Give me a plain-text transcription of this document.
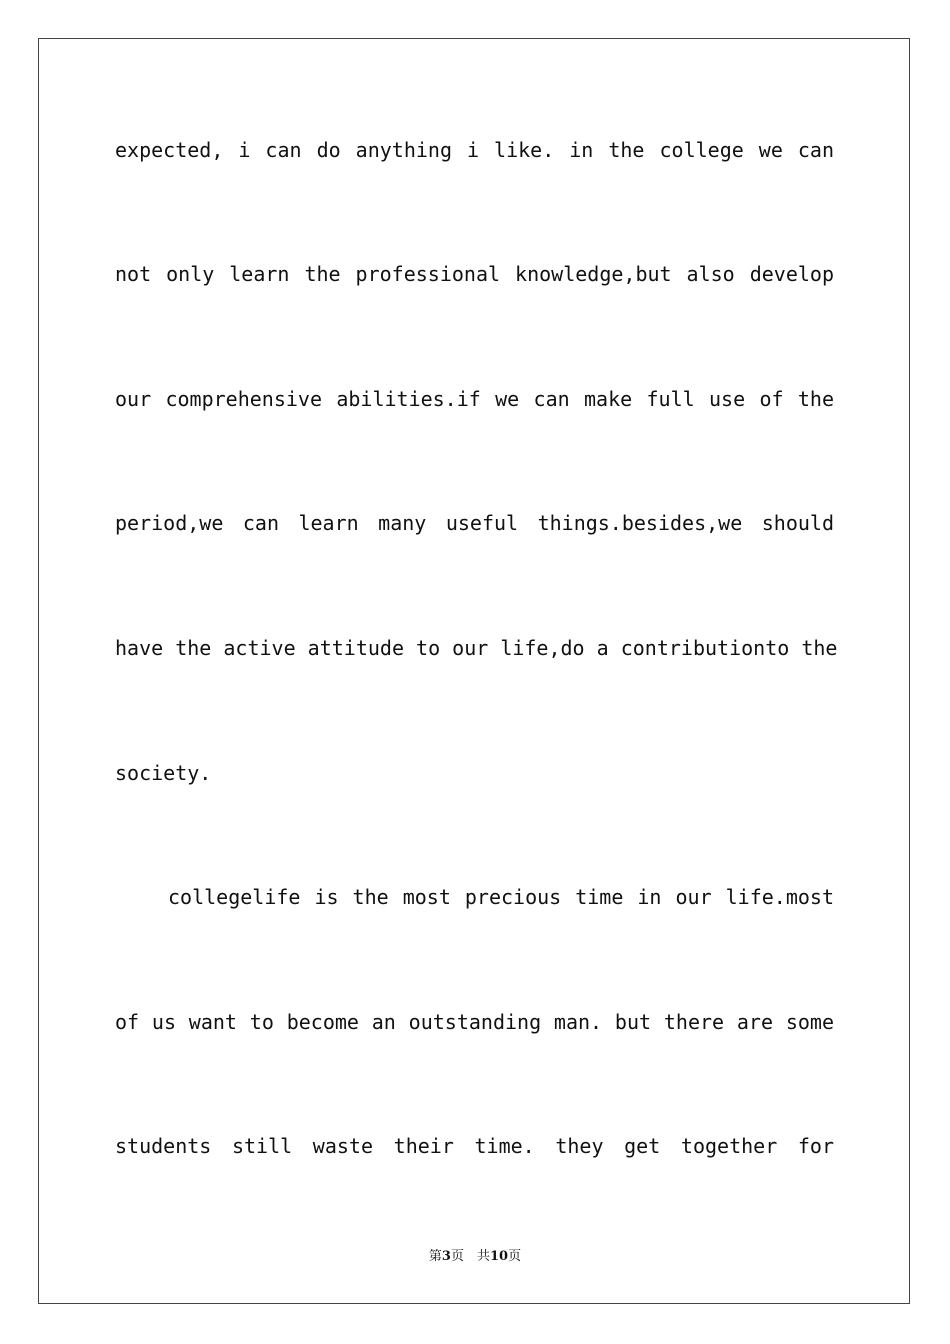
expected, i can do anything i like. in the college we can
not only learn the professional knowledge,but also develop
our comprehensive abilities.if we can make full use of the
period,we can learn many useful things.besides,we should
have the active attitude to our life,do a contributionto the
society.
collegelife is the most precious time in our life.most
of us want to become an outstanding man. but there are some
students still waste their time. they get together for
第3页　共10页
